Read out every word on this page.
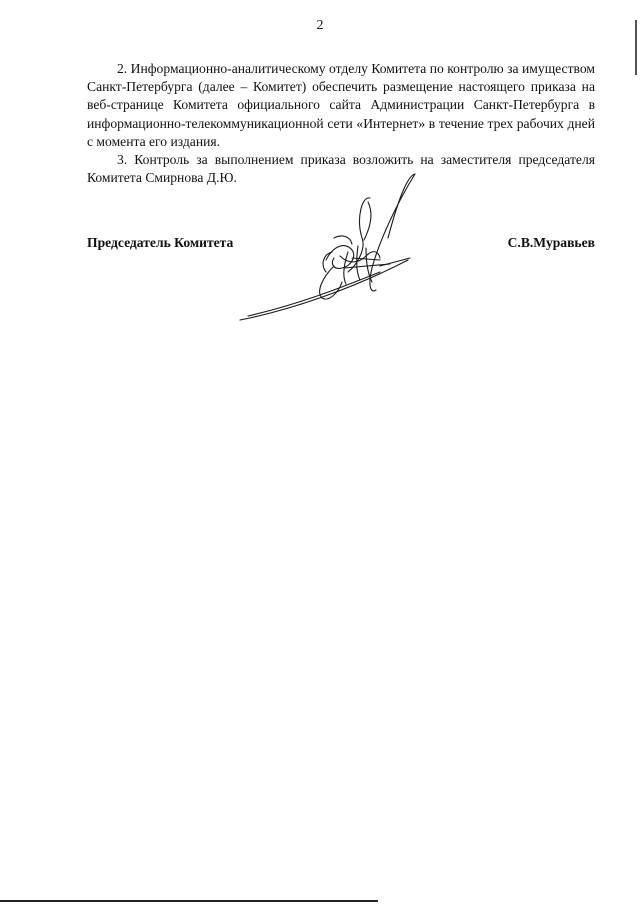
2

2. Информационно-аналитическому отделу Комитета по контролю за имуществом Санкт-Петербурга (далее – Комитет) обеспечить размещение настоящего приказа на веб-странице Комитета официального сайта Администрации Санкт-Петербурга в информационно-телекоммуникационной сети «Интернет» в течение трех рабочих дней с момента его издания.

3. Контроль за выполнением приказа возложить на заместителя председателя Комитета Смирнова Д.Ю.

Председатель Комитета	С.В.Муравьев
